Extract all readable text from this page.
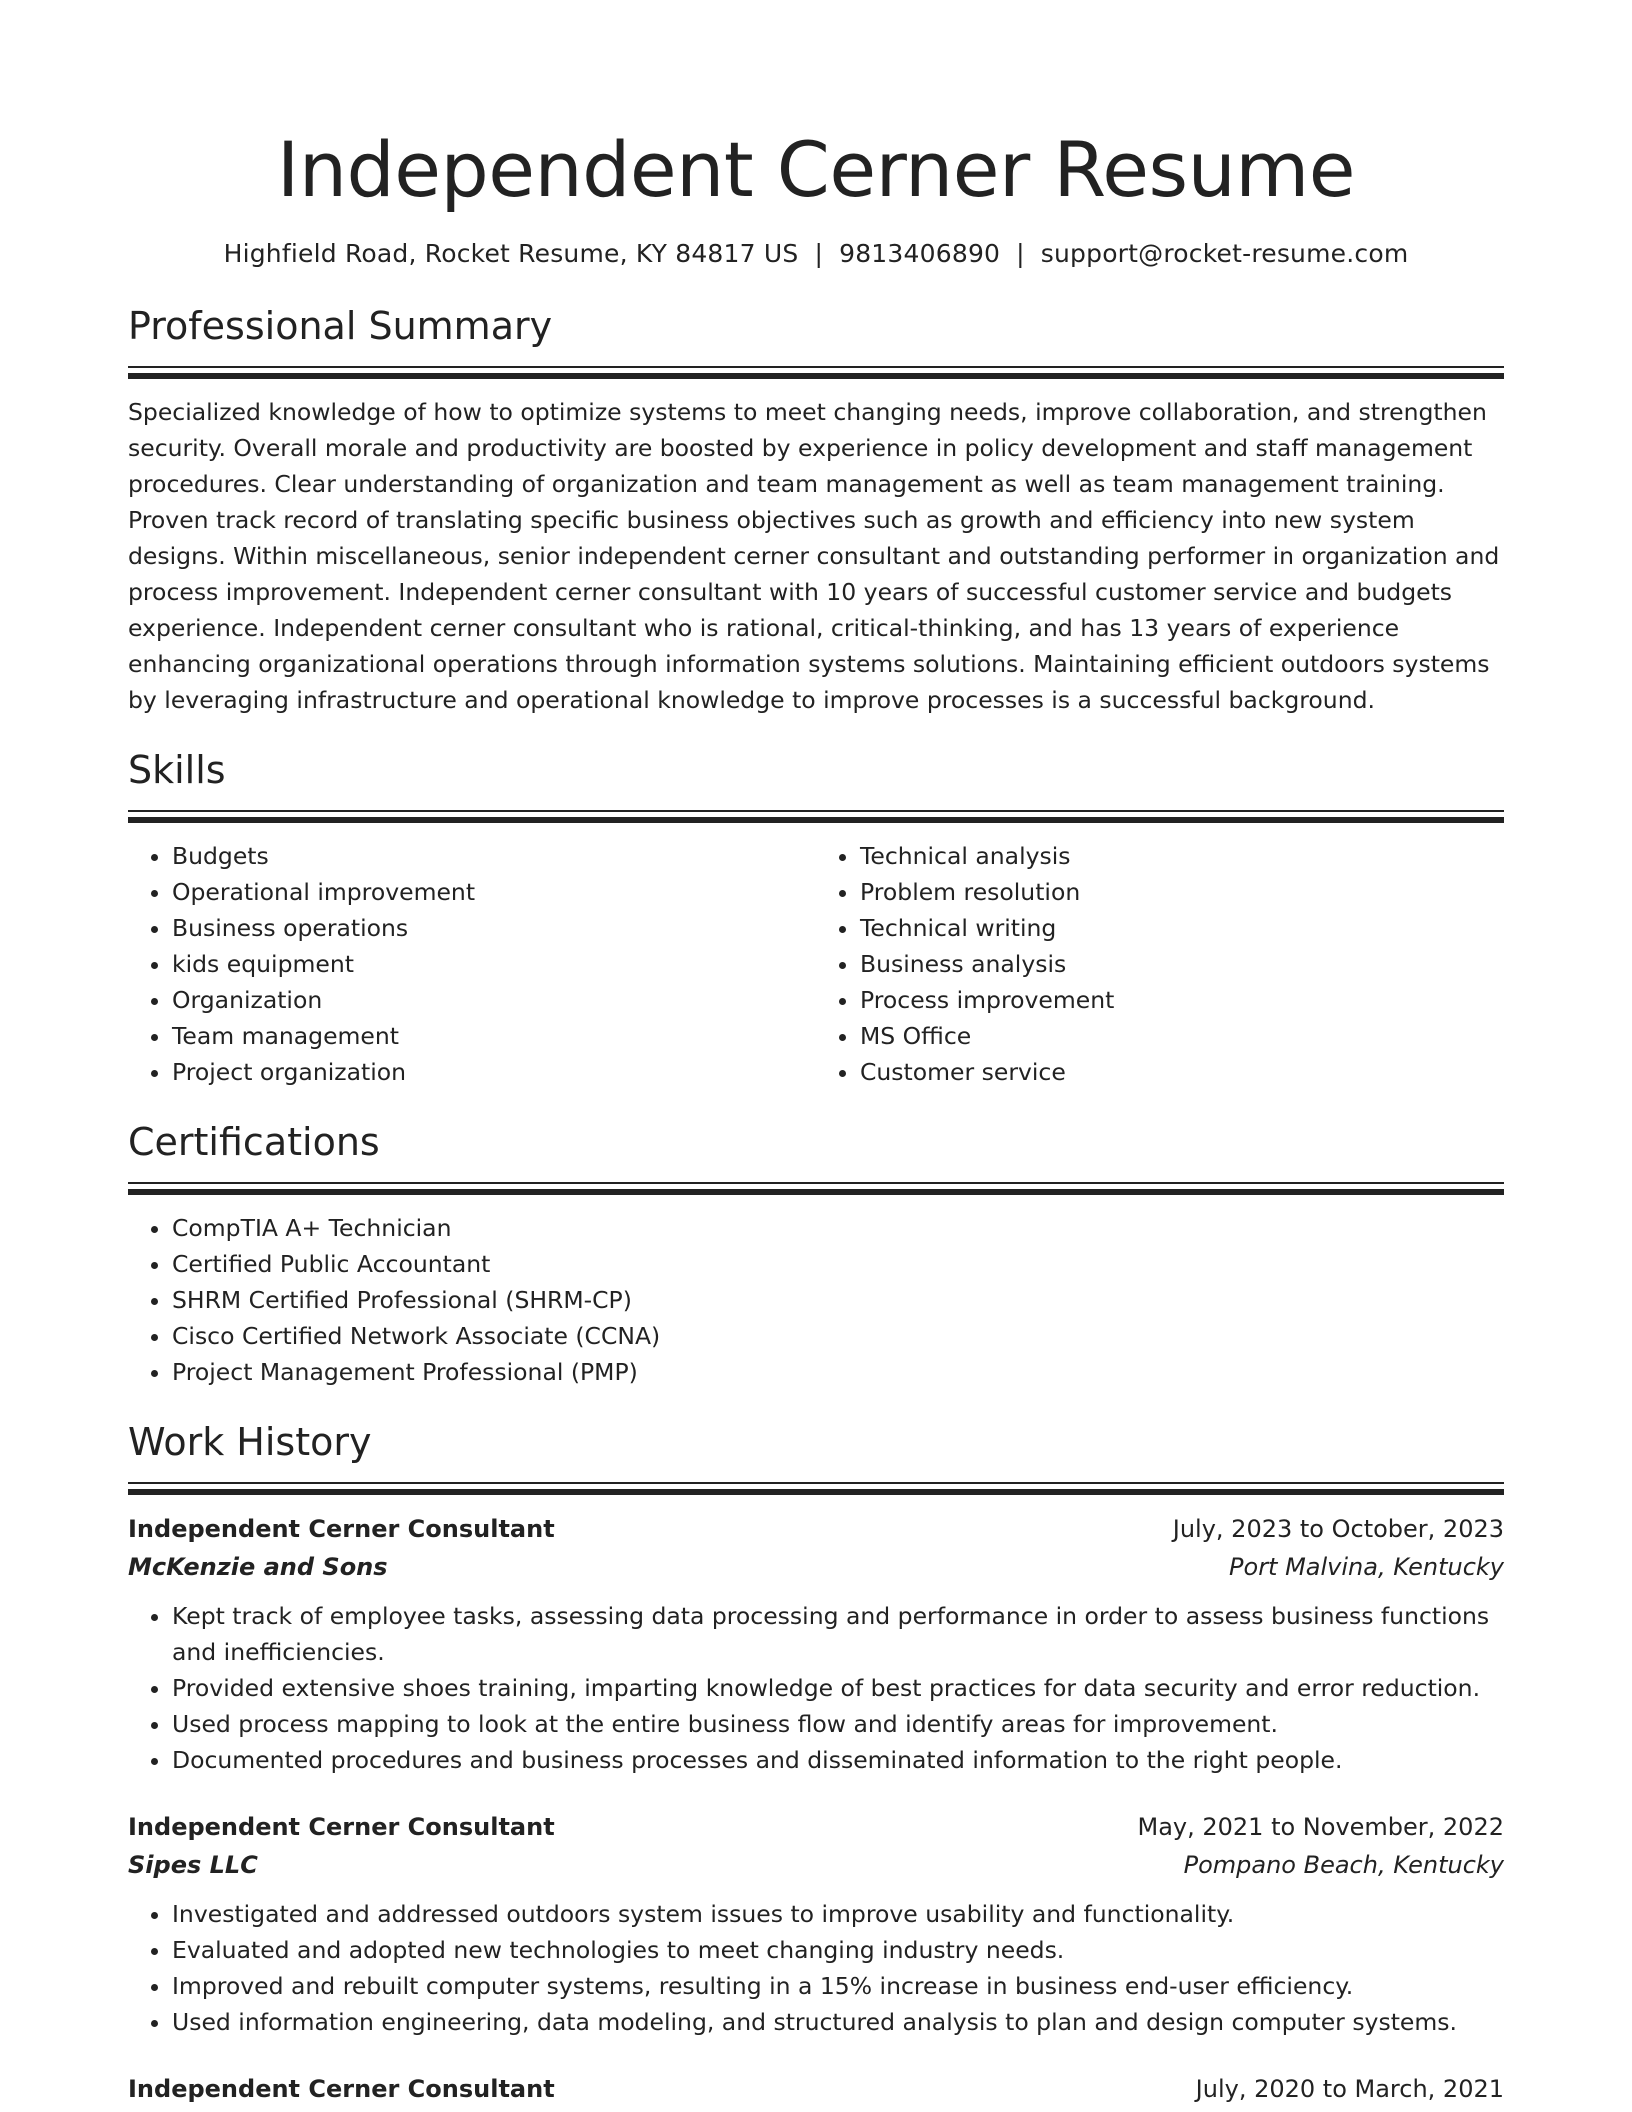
Independent Cerner Resume
Highfield Road, Rocket Resume, KY 84817 US | 9813406890 | support@rocket-resume.com
Professional Summary
Specialized knowledge of how to optimize systems to meet changing needs, improve collaboration, and strengthen security. Overall morale and productivity are boosted by experience in policy development and staff management procedures. Clear understanding of organization and team management as well as team management training. Proven track record of translating specific business objectives such as growth and efficiency into new system designs. Within miscellaneous, senior independent cerner consultant and outstanding performer in organization and process improvement. Independent cerner consultant with 10 years of successful customer service and budgets experience. Independent cerner consultant who is rational, critical-thinking, and has 13 years of experience enhancing organizational operations through information systems solutions. Maintaining efficient outdoors systems by leveraging infrastructure and operational knowledge to improve processes is a successful background.
Skills
• Budgets
• Operational improvement
• Business operations
• kids equipment
• Organization
• Team management
• Project organization
• Technical analysis
• Problem resolution
• Technical writing
• Business analysis
• Process improvement
• MS Office
• Customer service
Certifications
• CompTIA A+ Technician
• Certified Public Accountant
• SHRM Certified Professional (SHRM-CP)
• Cisco Certified Network Associate (CCNA)
• Project Management Professional (PMP)
Work History
Independent Cerner Consultant	July, 2023 to October, 2023
McKenzie and Sons	Port Malvina, Kentucky
• Kept track of employee tasks, assessing data processing and performance in order to assess business functions and inefficiencies.
• Provided extensive shoes training, imparting knowledge of best practices for data security and error reduction.
• Used process mapping to look at the entire business flow and identify areas for improvement.
• Documented procedures and business processes and disseminated information to the right people.
Independent Cerner Consultant	May, 2021 to November, 2022
Sipes LLC	Pompano Beach, Kentucky
• Investigated and addressed outdoors system issues to improve usability and functionality.
• Evaluated and adopted new technologies to meet changing industry needs.
• Improved and rebuilt computer systems, resulting in a 15% increase in business end-user efficiency.
• Used information engineering, data modeling, and structured analysis to plan and design computer systems.
Independent Cerner Consultant	July, 2020 to March, 2021
